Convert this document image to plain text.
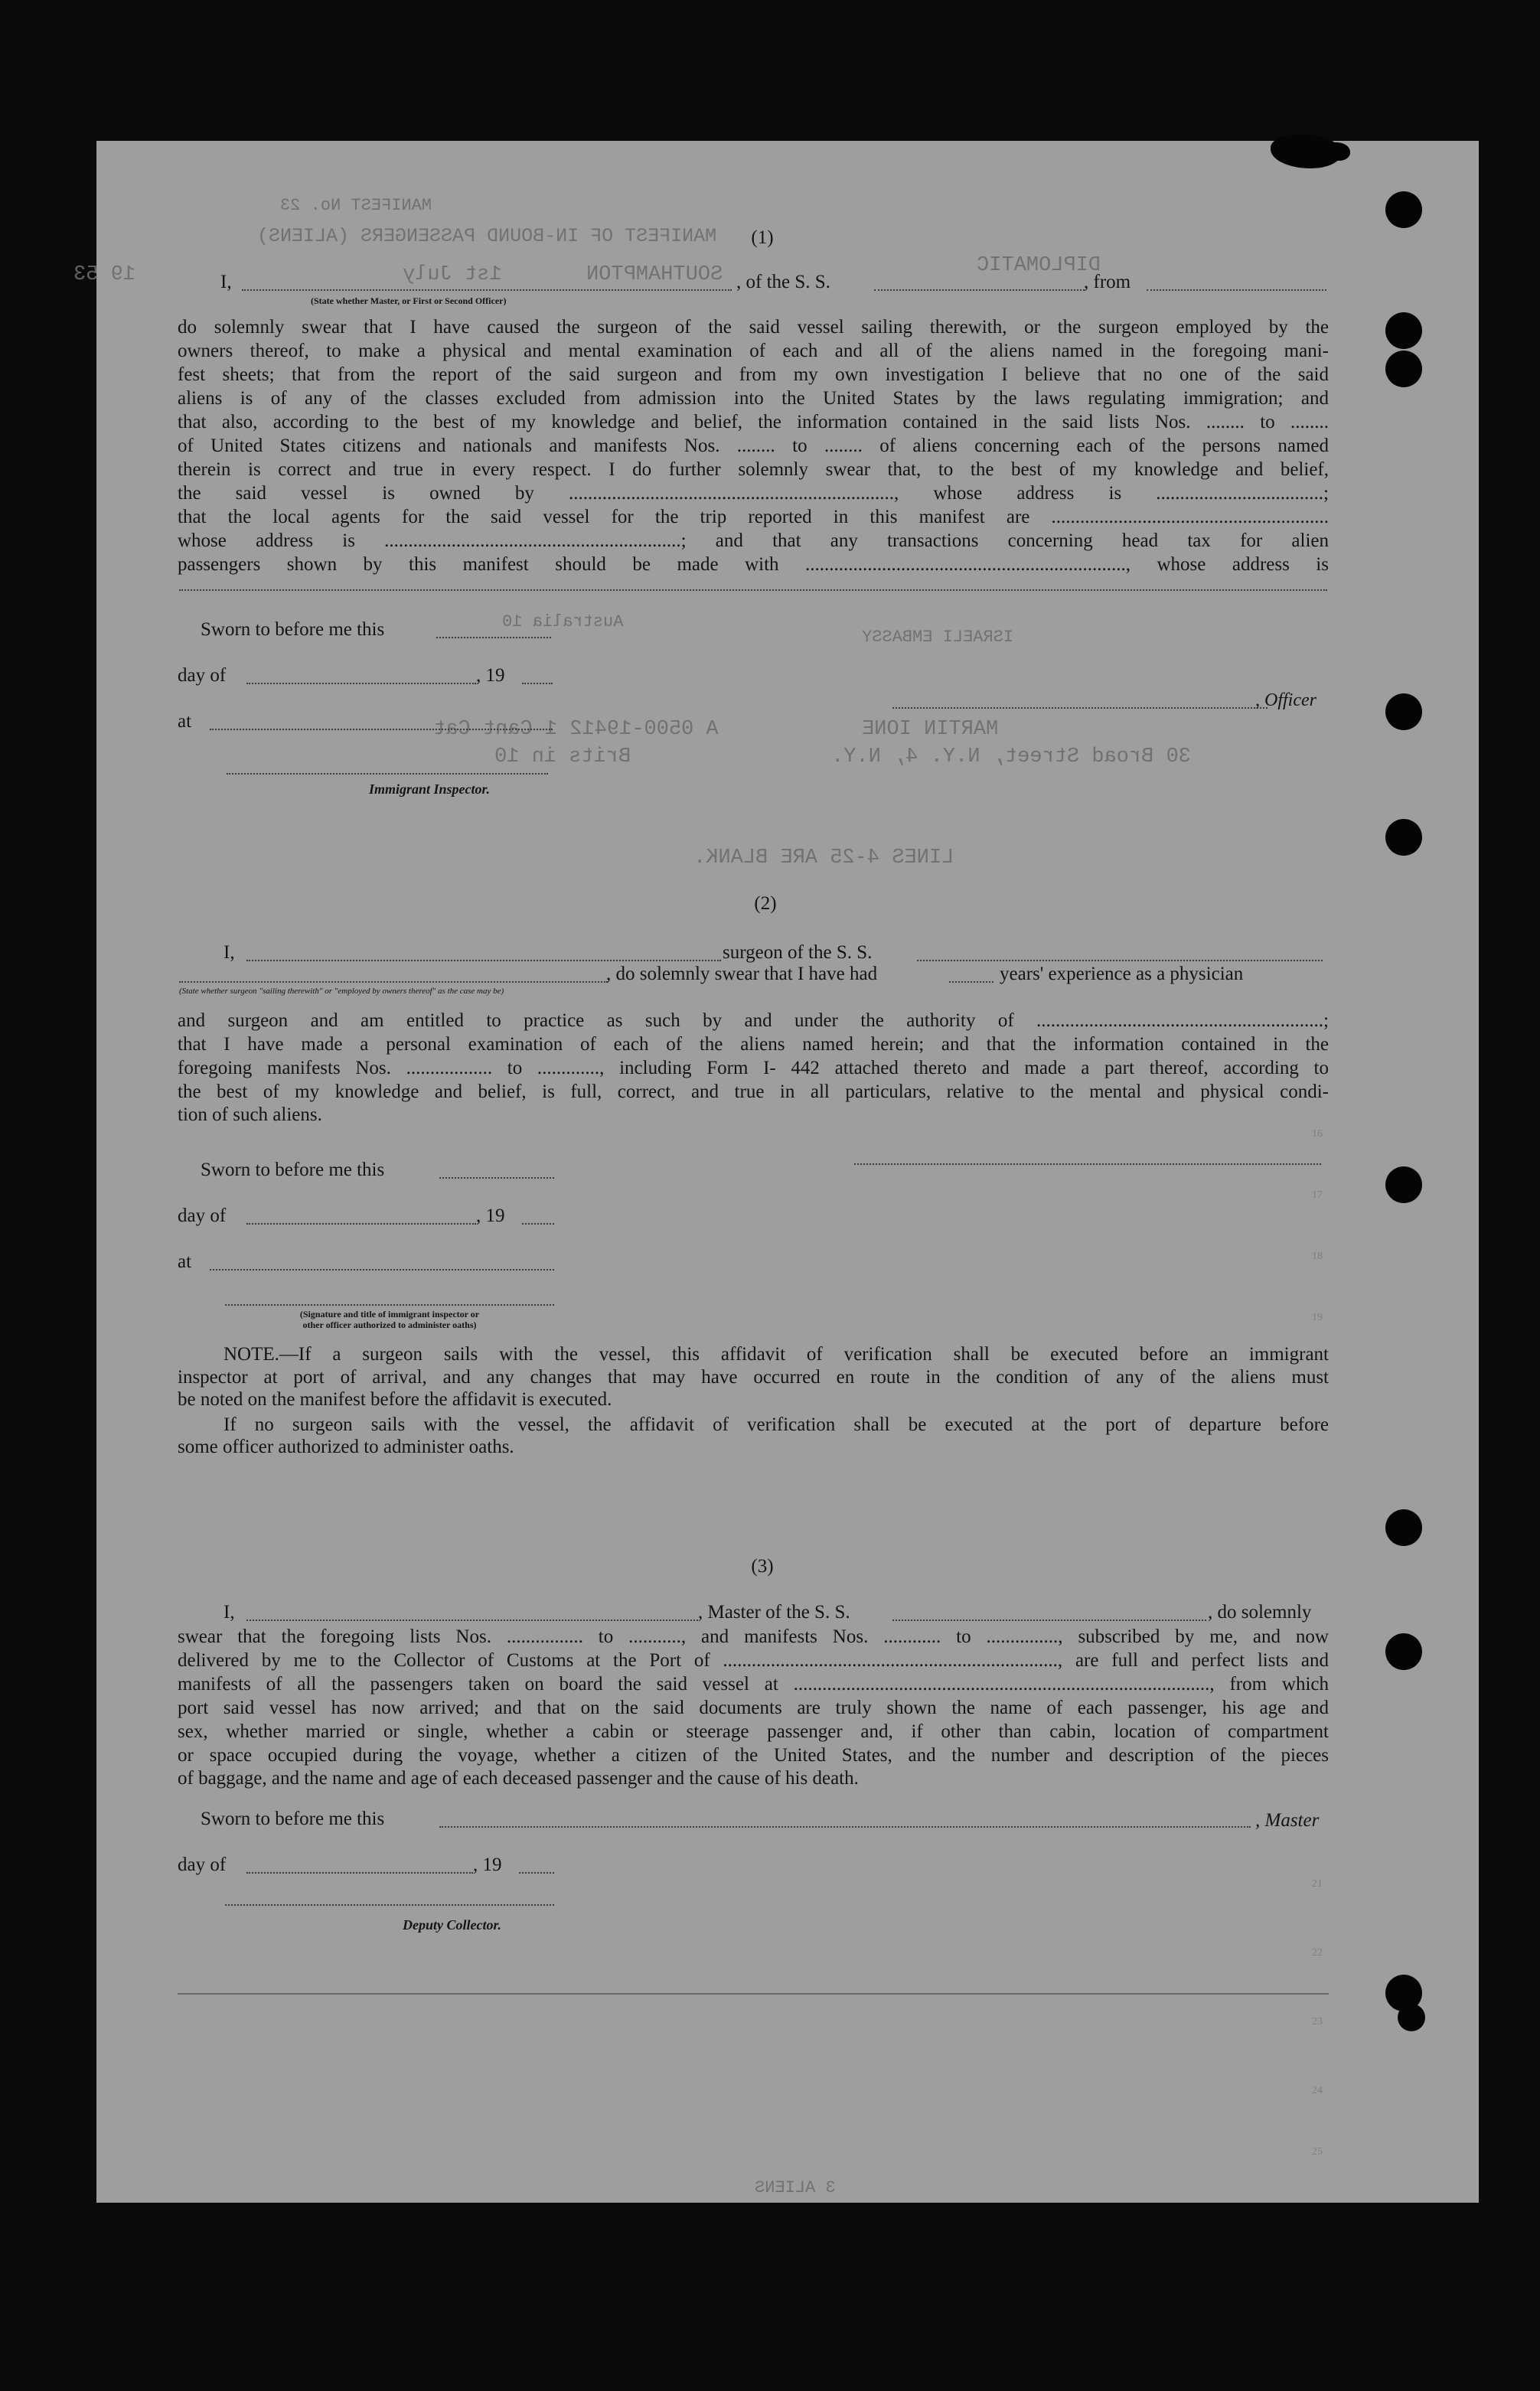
MANIFEST No. 23
MANIFEST OF IN-BOUND PASSENGERS (ALIENS)
1st July
19 53	SOUTHAMPTON	DIPLOMATIC
ISRAELI EMBASSY
Australia 10
MARTIN IONE
A 0500-19412 1 Cant Cat
30 Broad Street, N.Y. 4, N.Y.
Brits in 10
LINES 4-25 ARE BLANK.
3 ALIENS
16
17
18
19
21
22
23
24
25
(1)
I,	, of the S. S.	, from
(State whether Master, or First or Second Officer)
do solemnly swear that I have caused the surgeon of the said vessel sailing therewith, or the surgeon employed by the
owners thereof, to make a physical and mental examination of each and all of the aliens named in the foregoing mani-
fest sheets; that from the report of the said surgeon and from my own investigation I believe that no one of the said
aliens is of any of the classes excluded from admission into the United States by the laws regulating immigration; and
that also, according to the best of my knowledge and belief, the information contained in the said lists Nos. ........ to ........
of United States citizens and nationals and manifests Nos. ........ to ........ of aliens concerning each of the persons named
therein is correct and true in every respect. I do further solemnly swear that, to the best of my knowledge and belief,
the said vessel is owned by ...................................................................., whose address is ...................................;
that the local agents for the said vessel for the trip reported in this manifest are ..........................................................
whose address is ..............................................................; and that any transactions concerning head tax for alien
passengers shown by this manifest should be made with ..................................................................., whose address is
Sworn to before me this
day of	, 19
at
, Officer
Immigrant Inspector.
(2)
I,	surgeon of the S. S.
, do solemnly swear that I have had	years' experience as a physician
(State whether surgeon "sailing therewith" or "employed by owners thereof" as the case may be)
and surgeon and am entitled to practice as such by and under the authority of ............................................................;
that I have made a personal examination of each of the aliens named herein; and that the information contained in the
foregoing manifests Nos. .................. to ............., including Form I- 442 attached thereto and made a part thereof, according to
the best of my knowledge and belief, is full, correct, and true in all particulars, relative to the mental and physical condi-
tion of such aliens.
Sworn to before me this
day of	, 19
at
(Signature and title of immigrant inspector or
other officer authorized to administer oaths)
NOTE.—If a surgeon sails with the vessel, this affidavit of verification shall be executed before an immigrant
inspector at port of arrival, and any changes that may have occurred en route in the condition of any of the aliens must
be noted on the manifest before the affidavit is executed.
If no surgeon sails with the vessel, the affidavit of verification shall be executed at the port of departure before
some officer authorized to administer oaths.
(3)
I,	, Master of the S. S.	, do solemnly
swear that the foregoing lists Nos. ................ to ..........., and manifests Nos. ............ to ..............., subscribed by me, and now
delivered by me to the Collector of Customs at the Port of ......................................................................, are full and perfect lists and
manifests of all the passengers taken on board the said vessel at ......................................................................................., from which
port said vessel has now arrived; and that on the said documents are truly shown the name of each passenger, his age and
sex, whether married or single, whether a cabin or steerage passenger and, if other than cabin, location of compartment
or space occupied during the voyage, whether a citizen of the United States, and the number and description of the pieces
of baggage, and the name and age of each deceased passenger and the cause of his death.
Sworn to before me this	, Master
day of	, 19
Deputy Collector.
